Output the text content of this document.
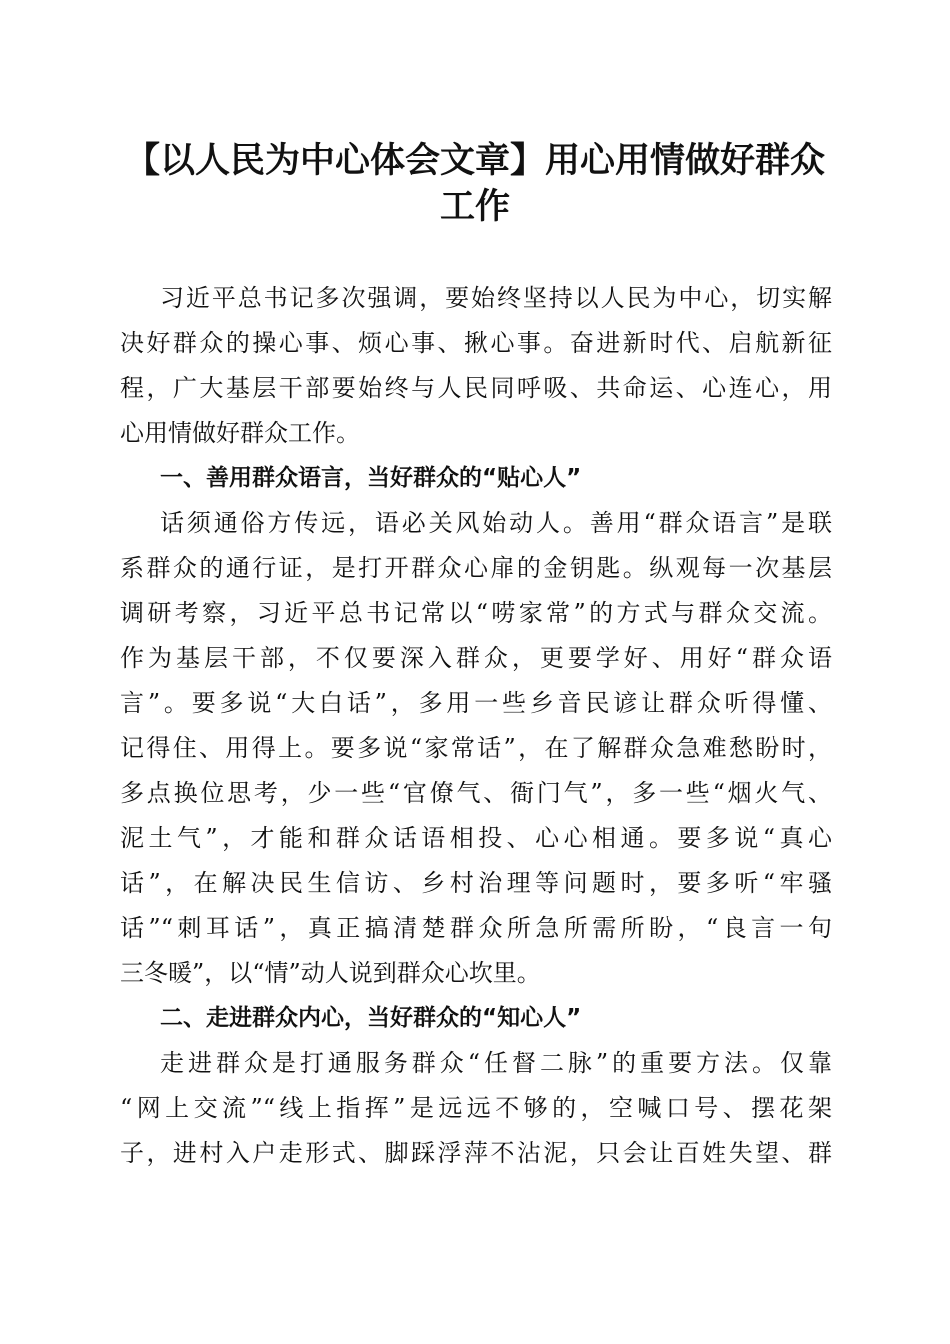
【以人民为中心体会文章】用心用情做好群众
工作

习近平总书记多次强调，要始终坚持以人民为中心，切实解

决好群众的操心事、烦心事、揪心事。奋进新时代、启航新征

程，广大基层干部要始终与人民同呼吸、共命运、心连心，用

心用情做好群众工作。

一、善用群众语言，当好群众的“贴心人”

话须通俗方传远，语必关风始动人。善用“群众语言”是联

系群众的通行证，是打开群众心扉的金钥匙。纵观每一次基层

调研考察，习近平总书记常以“唠家常”的方式与群众交流。

作为基层干部，不仅要深入群众，更要学好、用好“群众语

言”。要多说“大白话”，多用一些乡音民谚让群众听得懂、

记得住、用得上。要多说“家常话”，在了解群众急难愁盼时，

多点换位思考，少一些“官僚气、衙门气”，多一些“烟火气、

泥土气”，才能和群众话语相投、心心相通。要多说“真心

话”，在解决民生信访、乡村治理等问题时，要多听“牢骚

话”“刺耳话”，真正搞清楚群众所急所需所盼，“良言一句

三冬暖”，以“情”动人说到群众心坎里。

二、走进群众内心，当好群众的“知心人”

走进群众是打通服务群众“任督二脉”的重要方法。仅靠

“网上交流”“线上指挥”是远远不够的，空喊口号、摆花架

子，进村入户走形式、脚踩浮萍不沾泥，只会让百姓失望、群
